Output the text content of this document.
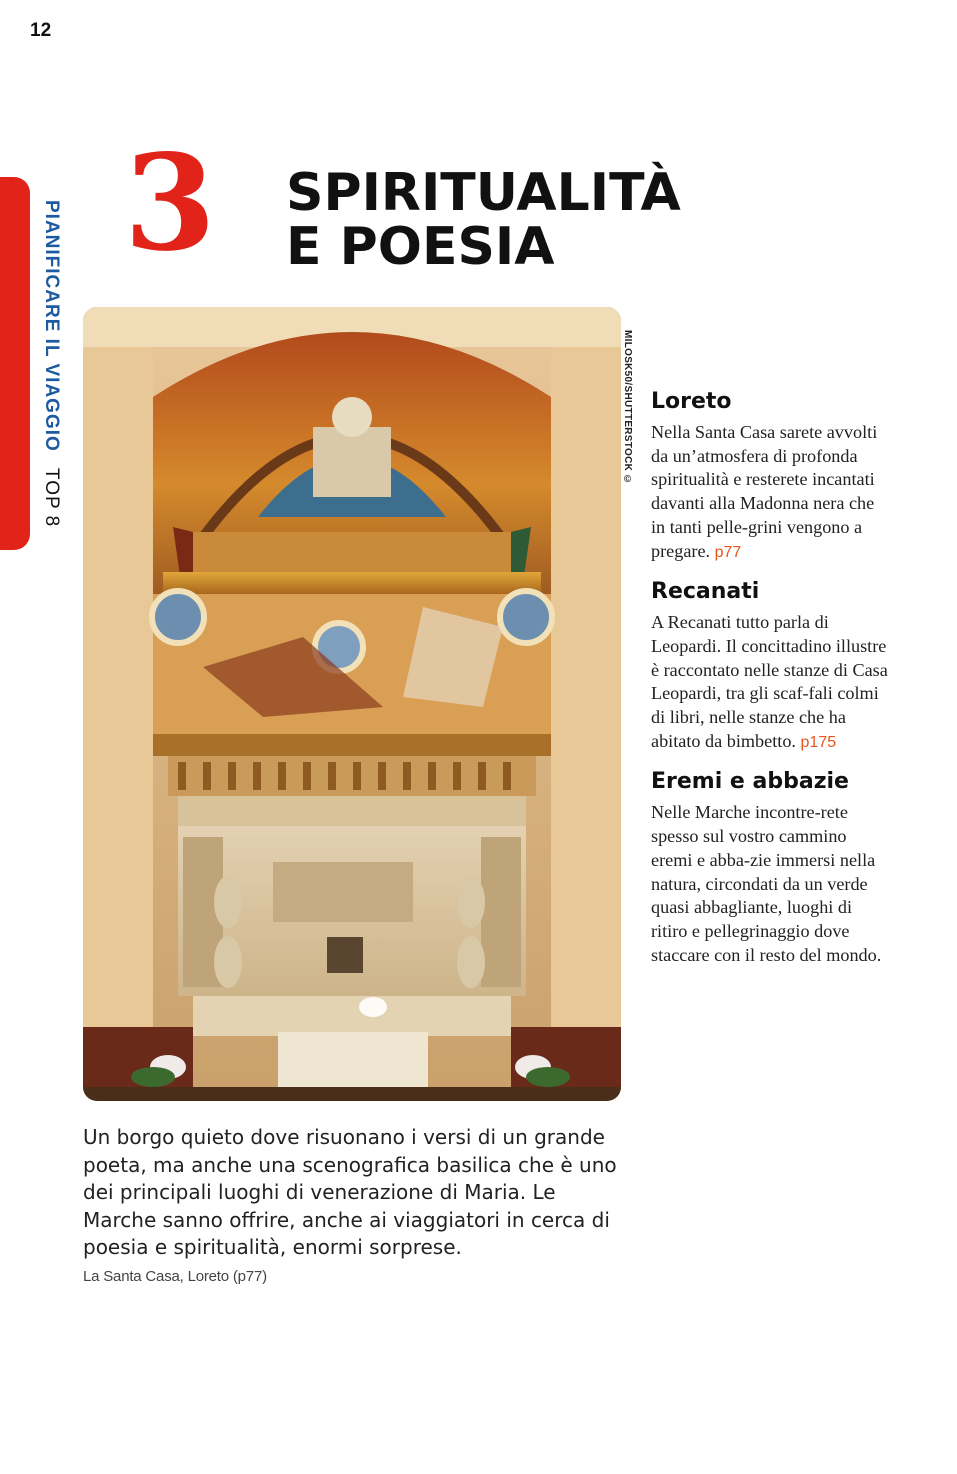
12
PIANIFICARE IL VIAGGIO TOP 8
3 SPIRITUALITÀ
E POESIA
MILOSK50/SHUTTERSTOCK ©

Un borgo quieto dove risuonano i versi di un grande poeta, ma anche una scenografica basilica che è uno dei principali luoghi di venerazione di Maria. Le Marche sanno offrire, anche ai viaggiatori in cerca di poesia e spiritualità, enormi sorprese.

La Santa Casa, Loreto (p77)
Loreto

Nella Santa Casa sarete avvolti da un’atmosfera di profonda spiritualità e resterete incantati davanti alla Madonna nera che in tanti pelle-grini vengono a pregare. p77

Recanati

A Recanati tutto parla di Leopardi. Il concittadino illustre è raccontato nelle stanze di Casa Leopardi, tra gli scaf-fali colmi di libri, nelle stanze che ha abitato da bimbetto. p175

Eremi e abbazie

Nelle Marche incontre-rete spesso sul vostro cammino eremi e abba-zie immersi nella natura, circondati da un verde quasi abbagliante, luoghi di ritiro e pellegrinaggio dove staccare con il resto del mondo.
